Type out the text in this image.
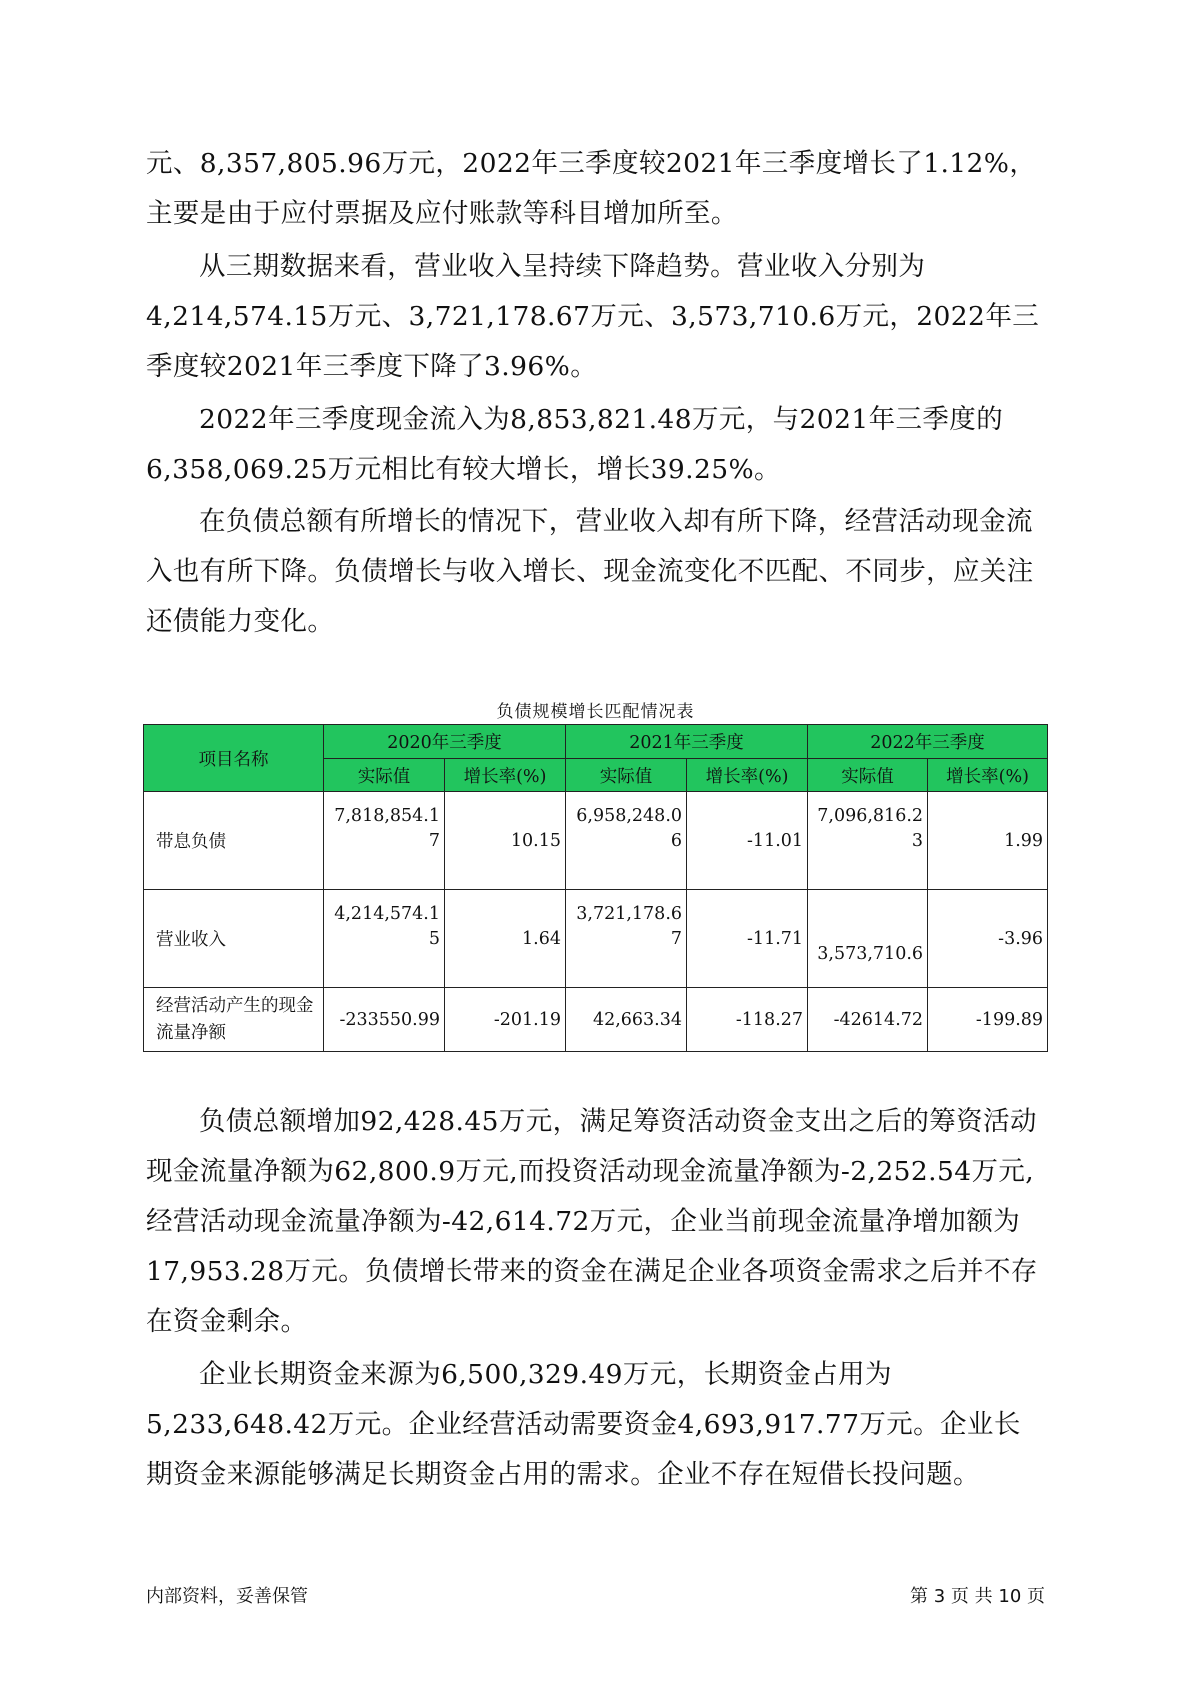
元、8,357,805.96万元，2022年三季度较2021年三季度增长了1.12%，主要是由于应付票据及应付账款等科目增加所至。

从三期数据来看，营业收入呈持续下降趋势。营业收入分别为4,214,574.15万元、3,721,178.67万元、3,573,710.6万元，2022年三季度较2021年三季度下降了3.96%。

2022年三季度现金流入为8,853,821.48万元，与2021年三季度的6,358,069.25万元相比有较大增长，增长39.25%。

在负债总额有所增长的情况下，营业收入却有所下降，经营活动现金流入也有所下降。负债增长与收入增长、现金流变化不匹配、不同步，应关注还债能力变化。

负债规模增长匹配情况表
项目名称	2020年三季度		2021年三季度		2022年三季度	
	实际值	增长率(%)	实际值	增长率(%)	实际值	增长率(%)
带息负债	7,818,854.17	10.15	6,958,248.06	-11.01	7,096,816.23	1.99
营业收入	4,214,574.15	1.64	3,721,178.67	-11.71	3,573,710.6	-3.96
经营活动产生的现金流量净额	-233550.99	-201.19	42,663.34	-118.27	-42614.72	-199.89

负债总额增加92,428.45万元，满足筹资活动资金支出之后的筹资活动现金流量净额为62,800.9万元,而投资活动现金流量净额为-2,252.54万元,经营活动现金流量净额为-42,614.72万元，企业当前现金流量净增加额为17,953.28万元。负债增长带来的资金在满足企业各项资金需求之后并不存在资金剩余。

企业长期资金来源为6,500,329.49万元，长期资金占用为5,233,648.42万元。企业经营活动需要资金4,693,917.77万元。企业长期资金来源能够满足长期资金占用的需求。企业不存在短借长投问题。

内部资料，妥善保管	第 3 页 共 10 页
